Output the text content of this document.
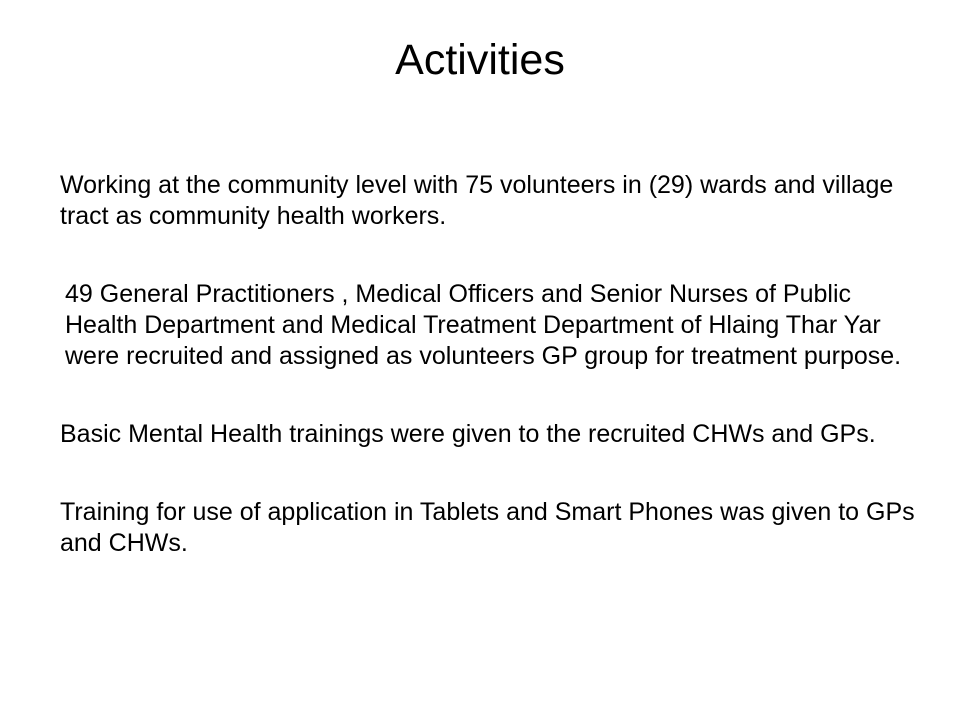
Activities

Working at the community level with 75 volunteers in (29) wards and village tract as community health workers.

49 General Practitioners , Medical Officers and Senior Nurses of Public Health Department and Medical Treatment Department of Hlaing Thar Yar were recruited and assigned as volunteers GP group for treatment purpose.

Basic Mental Health trainings were given to the recruited CHWs and GPs.

Training for use of application in Tablets and Smart Phones was given to GPs and CHWs.
